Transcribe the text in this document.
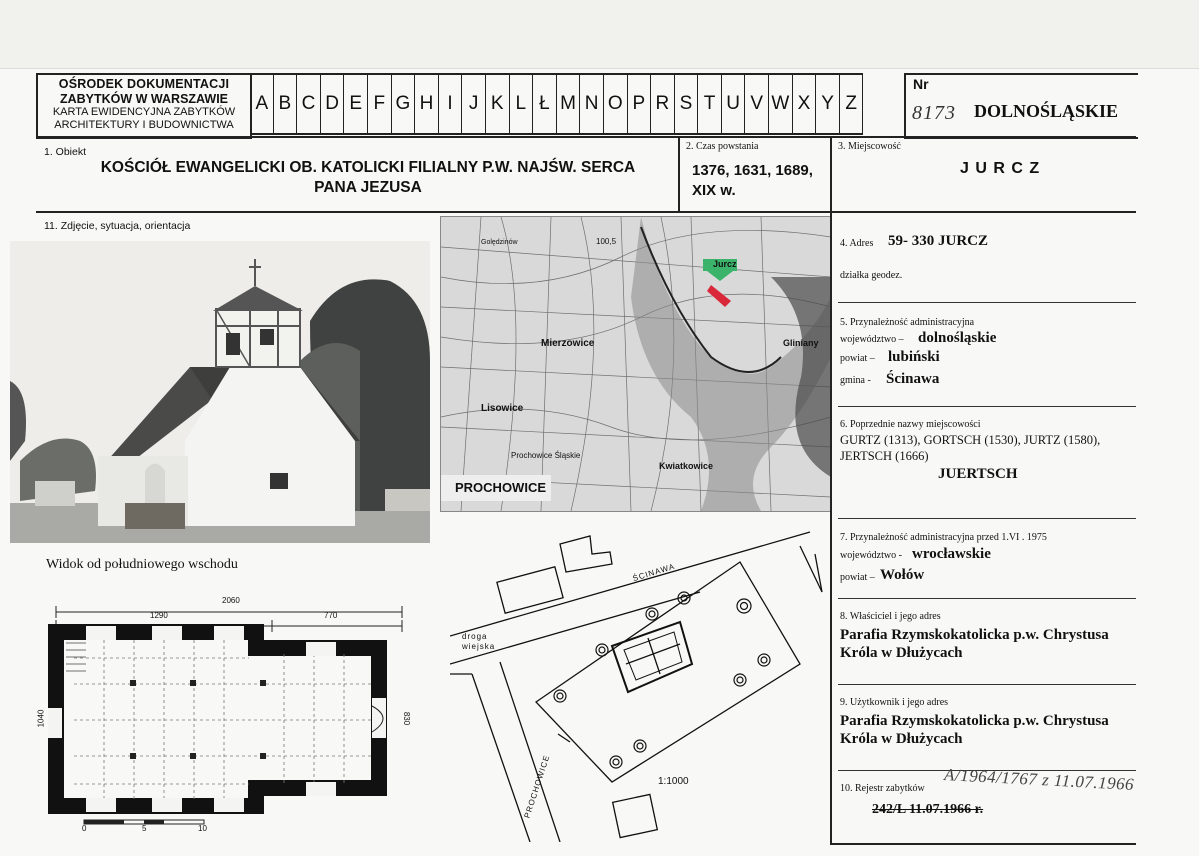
OŚRODEK DOKUMENTACJI
ZABYTKÓW W WARSZAWIE
KARTA EWIDENCYJNA ZABYTKÓW
ARCHITEKTURY I BUDOWNICTWA
A B C D E F G H I J K L Ł M N O P R S T U V W X Y Z
Nr
8173 DOLNOŚLĄSKIE
1. Obiekt
KOŚCIÓŁ EWANGELICKI OB. KATOLICKI FILIALNY P.W. NAJŚW. SERCA
PANA JEZUSA
2. Czas powstania
1376, 1631, 1689,
XIX w.
3. Miejscowość
J U R C Z
11. Zdjęcie, sytuacja, orientacja
Widok od południowego wschodu
Jurcz
Mierzowice
Lisowice
Prochowice Śląskie
Kwiatkowice
Gliniany
PROCHOWICE
Golędzinów	100,5
2060
1290	770
1040	830
0	5	10
ŚCINAWA
droga
wiejska
PROCHOWICE	1:1000
4. Adres 59- 330 JURCZ
działka geodez.
5. Przynależność administracyjna
województwo – dolnośląskie
powiat – lubiński
gmina - Ścinawa
6. Poprzednie nazwy miejscowości
GURTZ (1313), GORTSCH (1530), JURTZ (1580),
JERTSCH (1666)
JUERTSCH
7. Przynależność administracyjna przed 1.VI . 1975
województwo - wrocławskie
powiat – Wołów
8. Właściciel i jego adres
Parafia Rzymskokatolicka p.w. Chrystusa
Króla w Dłużycach
9. Użytkownik i jego adres
Parafia Rzymskokatolicka p.w. Chrystusa
Króla w Dłużycach
10. Rejestr zabytków A/1964/1767 z 11.07.1966
242/L 11.07.1966 r.
